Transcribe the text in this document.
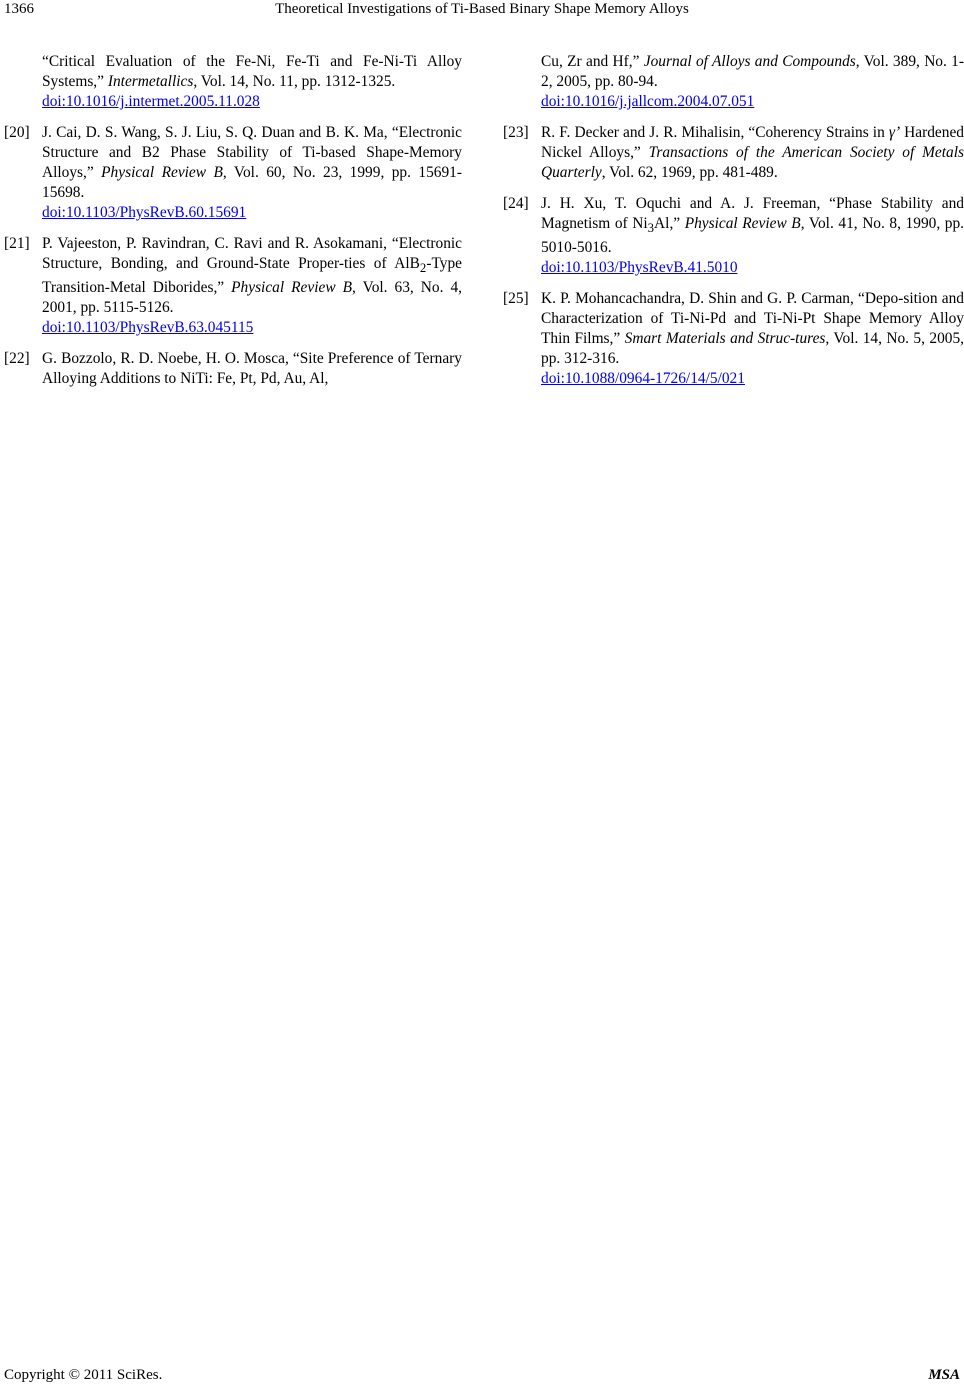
1366	Theoretical Investigations of Ti-Based Binary Shape Memory Alloys
“Critical Evaluation of the Fe-Ni, Fe-Ti and Fe-Ni-Ti Alloy Systems,” Intermetallics, Vol. 14, No. 11, pp. 1312-1325.
doi:10.1016/j.intermet.2005.11.028
[20] J. Cai, D. S. Wang, S. J. Liu, S. Q. Duan and B. K. Ma, “Electronic Structure and B2 Phase Stability of Ti-based Shape-Memory Alloys,” Physical Review B, Vol. 60, No. 23, 1999, pp. 15691-15698.
doi:10.1103/PhysRevB.60.15691
[21] P. Vajeeston, P. Ravindran, C. Ravi and R. Asokamani, “Electronic Structure, Bonding, and Ground-State Proper-ties of AlB$_2$-Type Transition-Metal Diborides,” Physical Review B, Vol. 63, No. 4, 2001, pp. 5115-5126.
doi:10.1103/PhysRevB.63.045115
[22] G. Bozzolo, R. D. Noebe, H. O. Mosca, “Site Preference of Ternary Alloying Additions to NiTi: Fe, Pt, Pd, Au, Al,
Cu, Zr and Hf,” Journal of Alloys and Compounds, Vol. 389, No. 1-2, 2005, pp. 80-94.
doi:10.1016/j.jallcom.2004.07.051
[23] R. F. Decker and J. R. Mihalisin, “Coherency Strains in γ’ Hardened Nickel Alloys,” Transactions of the American Society of Metals Quarterly, Vol. 62, 1969, pp. 481-489.
[24] J. H. Xu, T. Oquchi and A. J. Freeman, “Phase Stability and Magnetism of $Ni_3Al$,” Physical Review B, Vol. 41, No. 8, 1990, pp. 5010-5016.
doi:10.1103/PhysRevB.41.5010
[25] K. P. Mohancachandra, D. Shin and G. P. Carman, “Depo-sition and Characterization of Ti-Ni-Pd and Ti-Ni-Pt Shape Memory Alloy Thin Films,” Smart Materials and Struc-tures, Vol. 14, No. 5, 2005, pp. 312-316.
doi:10.1088/0964-1726/14/5/021
Copyright © 2011 SciRes.	MSA
